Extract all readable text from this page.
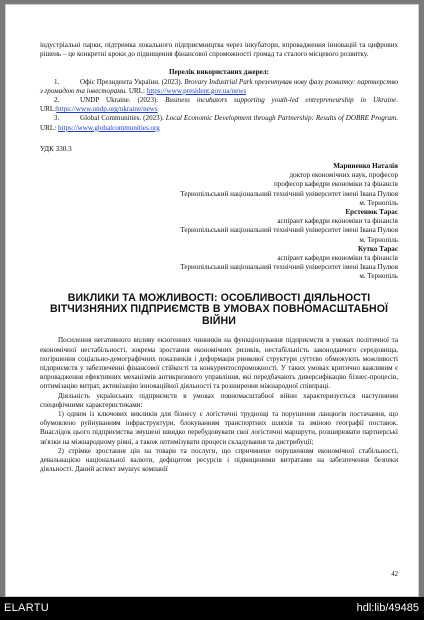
індустріальні парки, підтримка локального підприємництва через інкубатори, впровадження інновацій та цифрових рішень – це конкретні кроки до підвищення фінансової спроможності громад та сталого місцевого розвитку.

Перелік використаних джерел:

1.	Офіс Президента України. (2023). Brovary Industrial Park презентував нову фазу розвитку: партнерство з громадою та інвесторами. URL: https://www.president.gov.ua/news

2.	UNDP Ukraine. (2023). Business incubators supporting youth-led entrepreneurship in Ukraine. URL:https://www.undp.org/ukraine/news

3.	Global Communities. (2023). Local Economic Development through Partnership: Results of DOBRE Program. URL: https://www.globalcommunities.org

УДК 330.3

Мариненко Наталія

доктор економічних наук, професор

професор кафедри економіки та фінансів

Тернопільський національний технічний університет імені Івана Пулюя

м. Тернопіль

Ерстенюк Тарас

аспірант кафедри економіки та фінансів

Тернопільський національний технічний університет імені Івана Пулюя

м. Тернопіль

Кутко Тарас

аспірант кафедри економіки та фінансів

Тернопільський національний технічний університет імені Івана Пулюя

м. Тернопіль

ВИКЛИКИ ТА МОЖЛИВОСТІ: ОСОБЛИВОСТІ ДІЯЛЬНОСТІ ВІТЧИЗНЯНИХ ПІДПРИЄМСТВ В УМОВАХ ПОВНОМАСШТАБНОЇ ВІЙНИ

Посилення негативного впливу екзогенних чинників на функціонування підприємств в умовах політичної та економічної нестабільності, зокрема зростання економічних ризиків, нестабільність законодавчого середовища, погіршення соціально-демографічних показників і деформація ринкової структури суттєво обмежують можливості підприємств у забезпеченні фінансової стійкості та конкурентоспроможності. У таких умовах критично важливим є впровадження ефективних механізмів антикризового управління, які передбачають диверсифікацію бізнес-процесів, оптимізацію витрат, активізацію інноваційної діяльності та розширення міжнародної співпраці.

Діяльність українських підприємств в умовах повномасштабної війни характеризується наступними специфічними характеристиками:

1) одним із ключових викликів для бізнесу є логістичні труднощі та порушення ланцюгів постачання, що обумовлено руйнуванням інфраструктури, блокуванням транспортних шляхів та зміною географії поставок. Внаслідок цього підприємства змушені швидко перебудовувати свої логістичні маршрути, розширювати партнерські зв'язки на міжнародному рівні, а також оптимізувати процеси складування та дистрибуції;

2) стрімке зростання цін на товари та послуги, що спричинене порушенням економічної стабільності, девальвацією національної валюти, дефіцитом ресурсів і підвищеними витратами на забезпечення безпеки діяльності. Даний аспект змушує компанії

42
ELARTU	hdl:lib/49485
